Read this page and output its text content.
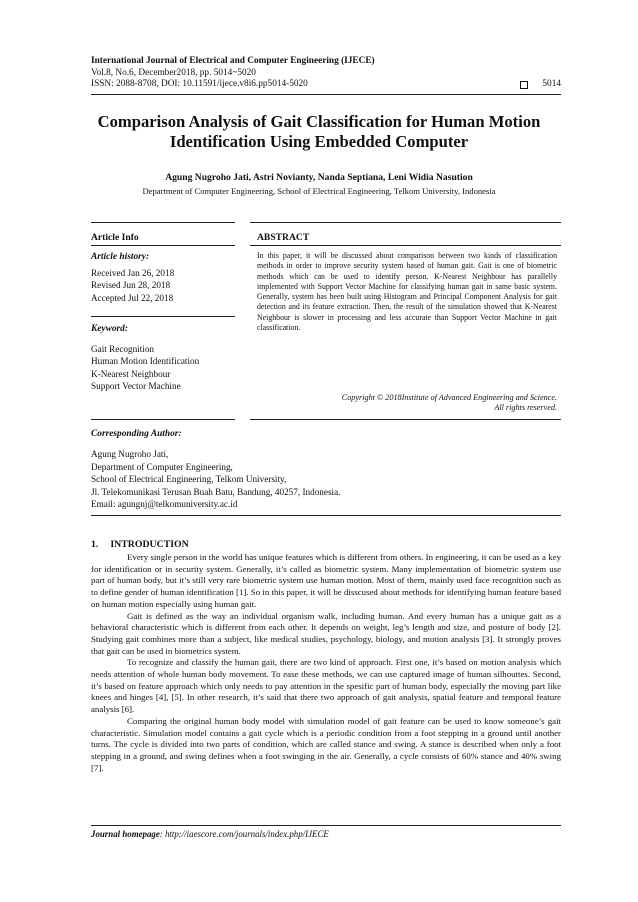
International Journal of Electrical and Computer Engineering (IJECE)
Vol.8, No.6, December2018, pp. 5014~5020
ISSN: 2088-8708, DOI: 10.11591/ijece.v8i6.pp5014-5020	5014
Comparison Analysis of Gait Classification for Human Motion
Identification Using Embedded Computer
Agung Nugroho Jati, Astri Novianty, Nanda Septiana, Leni Widia Nasution
Department of Computer Engineering, School of Electrical Engineering, Telkom University, Indonesia
Article Info	ABSTRACT
Article history:
Received Jan 26, 2018
Revised Jun 28, 2018
Accepted Jul 22, 2018
Keyword:
Gait Recognition
Human Motion Identification
K-Nearest Neighbour
Support Vector Machine
In this paper, it will be discussed about comparison between two kinds of classification methods in order to improve security system based of human gait. Gait is one of biometric methods which can be used to identify person. K-Nearest Neighbour has parallelly implemented with Support Vector Machine for classifying human gait in same basic system. Generally, system has been built using Histogram and Principal Component Analysis for gait detection and its feature extraction. Then, the result of the simulation showed that K-Nearest Neighbour is slower in processing and less accurate than Support Vector Machine in gait classification.
Copyright © 2018Institute of Advanced Engineering and Science.
All rights reserved.
Corresponding Author:
Agung Nugroho Jati,
Department of Computer Engineering,
School of Electrical Engineering, Telkom University,
Jl. Telekomunikasi Terusan Buah Batu, Bandung, 40257, Indonesia.
Email: agungnj@telkomuniversity.ac.id
1. INTRODUCTION

Every single person in the world has unique features which is different from others. In engineering, it can be used as a key for identification or in security system. Generally, it’s called as biometric system. Many implementation of biometric system use part of human body, but it’s still very rare biometric system use human motion. Most of them, mainly used face recognition such as to define gender of human identification [1]. So in this paper, it will be disscused about methods for identifying human feature based on human motion especially using human gait.

Gait is defined as the way an individual organism walk, including human. And every human has a unique gait as a behavioral characteristic which is different from each other. It depends on weight, leg’s length and size, and posture of body [2]. Studying gait combines more than a subject, like medical studies, psychology, biology, and motion analysis [3]. It strongly proves that gait can be used in biometrics system.

To recognize and classify the human gait, there are two kind of approach. First one, it’s based on motion analysis which needs attention of whole human body movement. To ease these methods, we can use captured image of human silhouttes. Second, it’s based on feature approach which only needs to pay attention in the spesific part of human body, especially the moving part like knees and hinges [4], [5]. In other research, it’s said that there two approach of gait analysis, spatial feature and temporal feature analysis [6].

Comparing the original human body model with simulation model of gait feature can be used to know someone’s gait characteristic. Simulation model contains a gait cycle which is a periodic condition from a foot stepping in a ground until another turns. The cycle is divided into two parts of condition, which are called stance and swing. A stance is described when only a foot stepping in a ground, and swing defines when a foot swinging in the air. Generally, a cycle consists of 60% stance and 40% swing [7].

Journal homepage: http://iaescore.com/journals/index.php/IJECE
